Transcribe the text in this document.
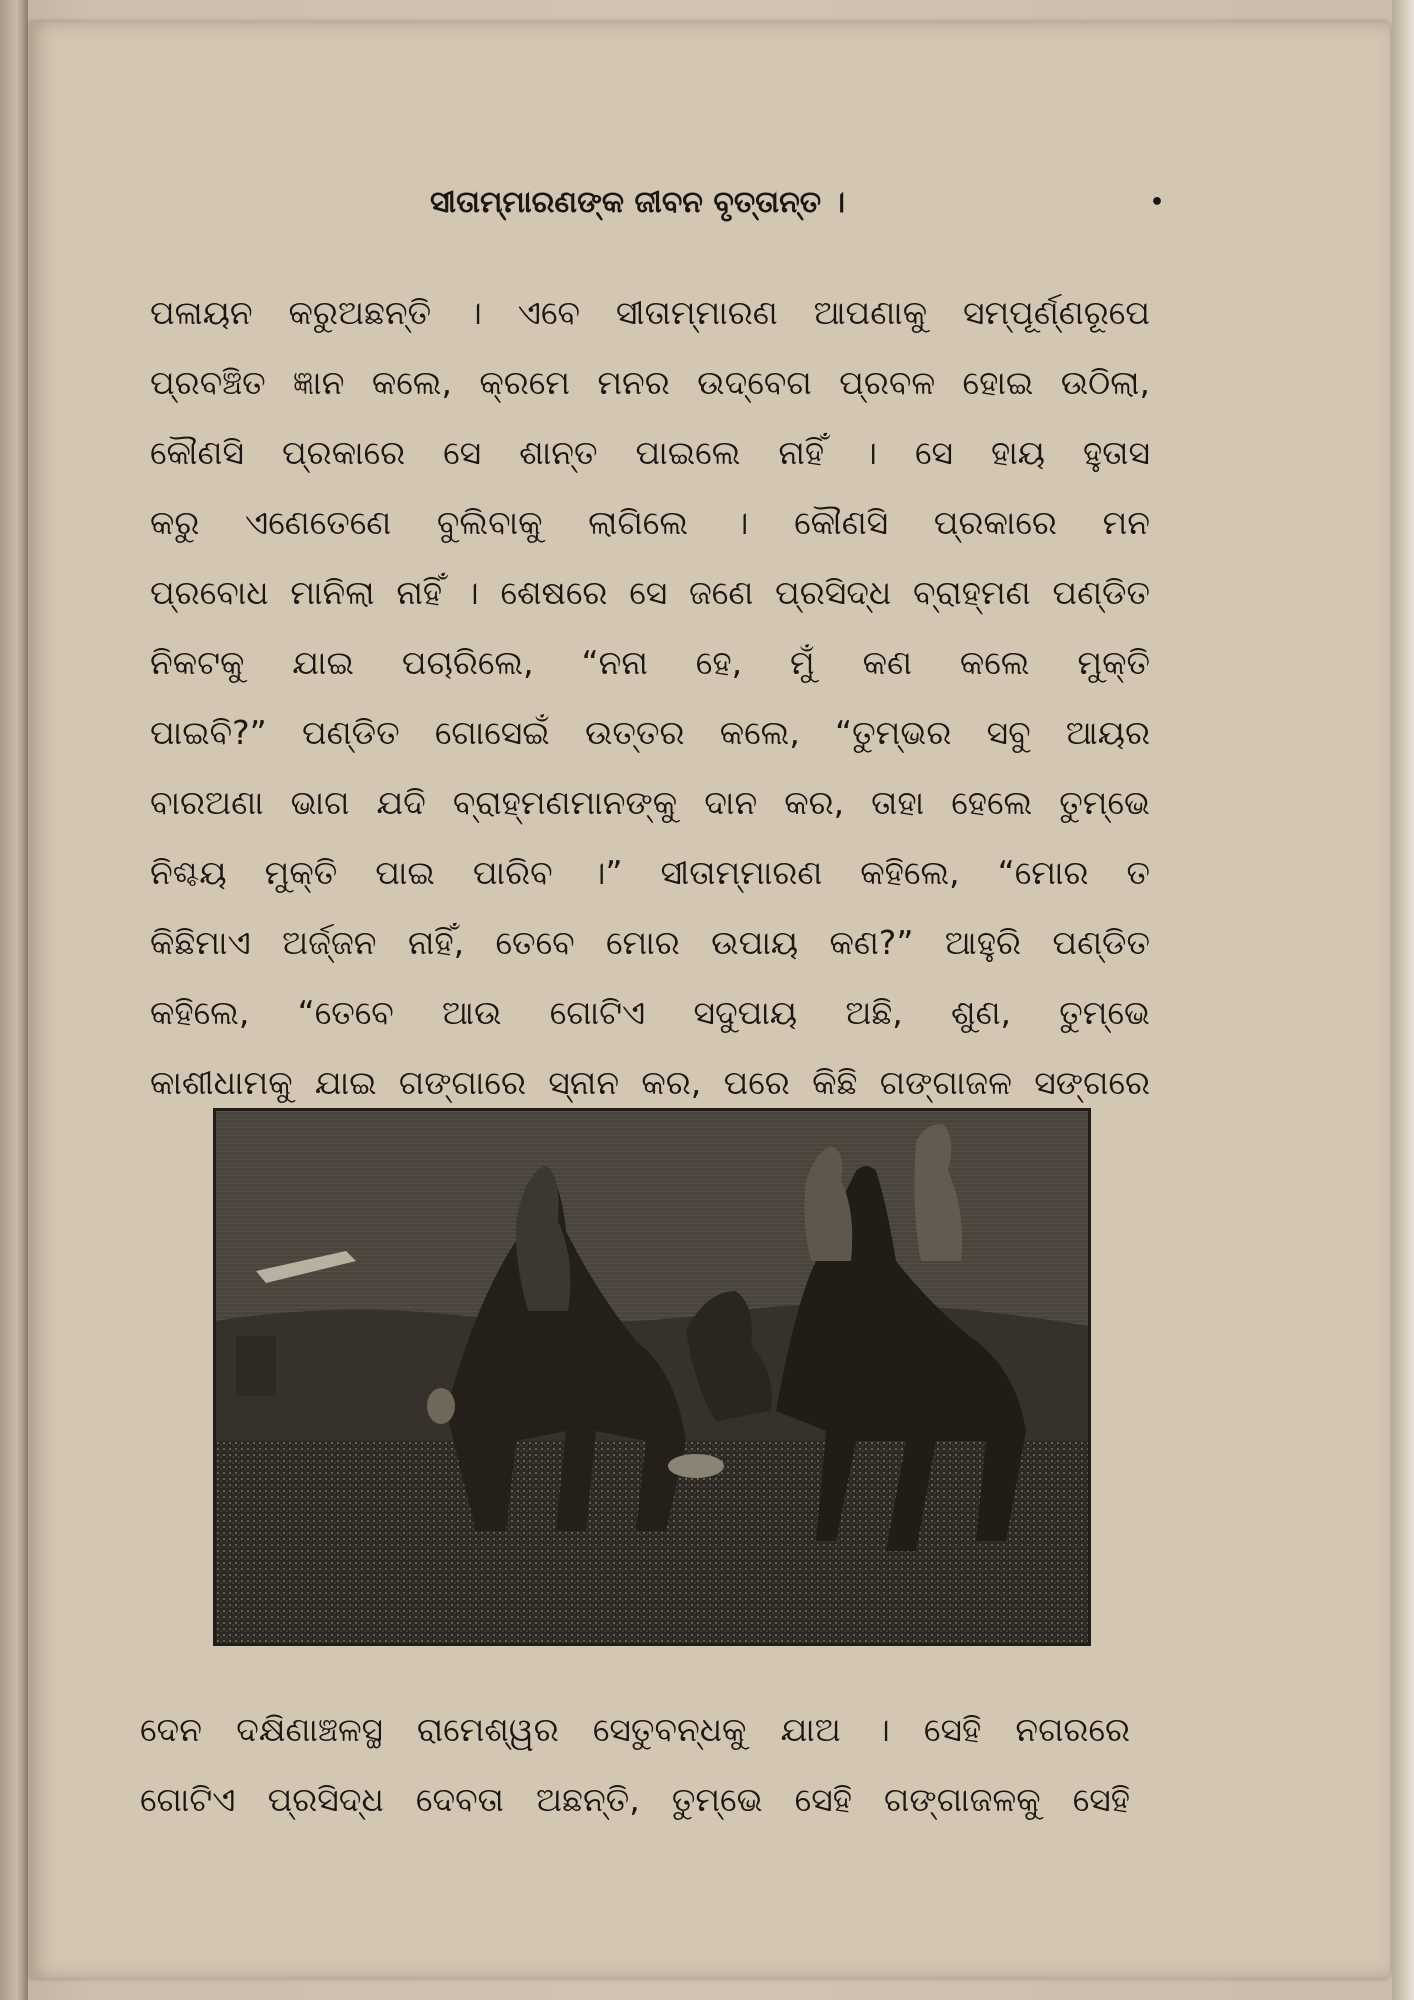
ସୀତାମ୍ମାରଣଙ୍କ ଜୀବନ ବୃତ୍ତାନ୍ତ ।	•
ପଳାୟନ କରୁଅଛନ୍ତି । ଏବେ ସୀତାମ୍ମାରଣ ଆପଣାକୁ ସମ୍ପୂର୍ଣ୍ଣରୂପେ
ପ୍ରବଞ୍ଚିତ ଜ୍ଞାନ କଲେ, କ୍ରମେ ମନର ଉଦ୍‌ବେଗ ପ୍ରବଳ ହୋଇ ଉଠିଲା,
କୌଣସି ପ୍ରକାରେ ସେ ଶାନ୍ତ ପାଇଲେ ନାହିଁ । ସେ ହାୟ ହୁତାସ
କରୁ ଏଣେତେଣେ ବୁଲିବାକୁ ଲାଗିଲେ । କୌଣସି ପ୍ରକାରେ ମନ
ପ୍ରବୋଧ ମାନିଲା ନାହିଁ । ଶେଷରେ ସେ ଜଣେ ପ୍ରସିଦ୍ଧ ବ୍ରାହ୍ମଣ ପଣ୍ଡିତ
ନିକଟକୁ ଯାଇ ପଚାରିଲେ, “ନନା ହେ, ମୁଁ କଣ କଲେ ମୁକ୍ତି
ପାଇବି?” ପଣ୍ଡିତ ଗୋସେଇଁ ଉତ୍ତର କଲେ, “ତୁମ୍ଭର ସବୁ ଆୟର
ବାରଅଣା ଭାଗ ଯଦି ବ୍ରାହ୍ମଣମାନଙ୍କୁ ଦାନ କର, ତାହା ହେଲେ ତୁମ୍ଭେ
ନିଶ୍ଚୟ ମୁକ୍ତି ପାଇ ପାରିବ ।” ସୀତାମ୍ମାରଣ କହିଲେ, “ମୋର ତ
କିଛିମାଏ ଅର୍ଜ୍ଜନ ନାହିଁ, ତେବେ ମୋର ଉପାୟ କଣ?” ଆହୁରି ପଣ୍ଡିତ
କହିଲେ, “ତେବେ ଆଉ ଗୋଟିଏ ସଦୁପାୟ ଅଛି, ଶୁଣ, ତୁମ୍ଭେ
କାଶୀଧାମକୁ ଯାଇ ଗଙ୍ଗାରେ ସ୍ନାନ କର, ପରେ କିଛି ଗଙ୍ଗାଜଳ ସଙ୍ଗରେ
ଦେନ ଦକ୍ଷିଣାଞ୍ଚଳସ୍ଥ ରାମେଶ୍ୱର ସେତୁବନ୍ଧକୁ ଯାଅ । ସେହି ନଗରରେ
ଗୋଟିଏ ପ୍ରସିଦ୍ଧ ଦେବତା ଅଛନ୍ତି, ତୁମ୍ଭେ ସେହି ଗଙ୍ଗାଜଳକୁ ସେହି
